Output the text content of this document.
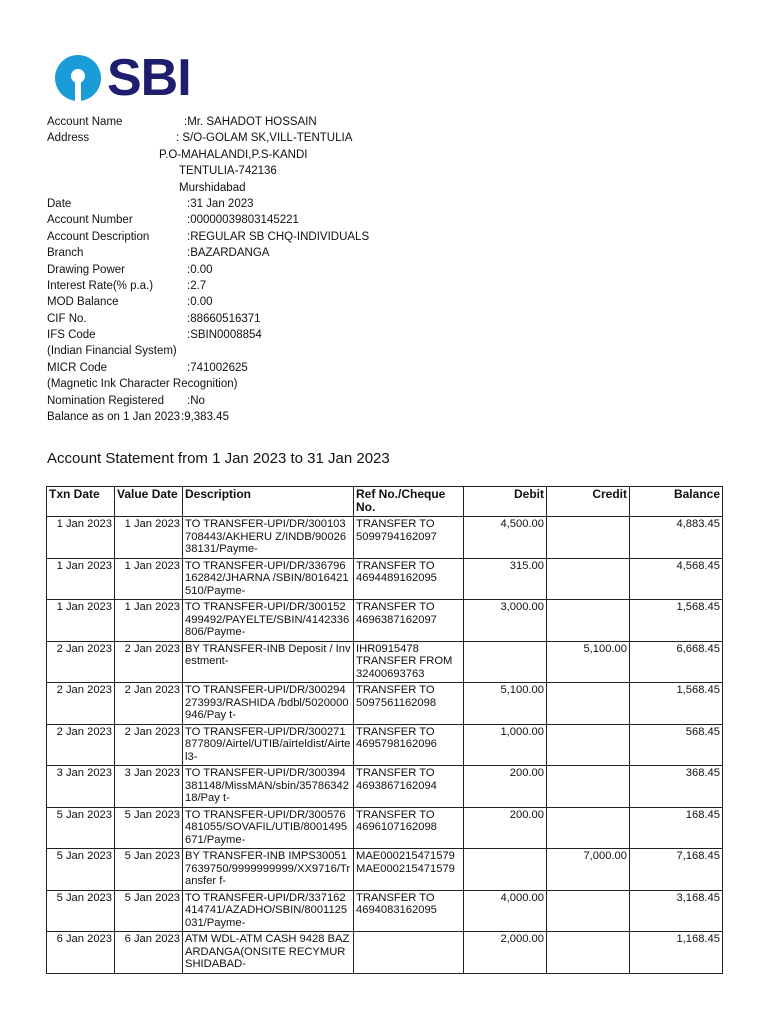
SBI
Account Name	:Mr. SAHADOT HOSSAIN
Address	: S/O-GOLAM SK,VILL-TENTULIA
P.O-MAHALANDI,P.S-KANDI
TENTULIA-742136
Murshidabad
Date	:31 Jan 2023
Account Number	:00000039803145221
Account Description	:REGULAR SB CHQ-INDIVIDUALS
Branch	:BAZARDANGA
Drawing Power	:0.00
Interest Rate(% p.a.)	:2.7
MOD Balance	:0.00
CIF No.	:88660516371
IFS Code	:SBIN0008854
(Indian Financial System)
MICR Code	:741002625
(Magnetic Ink Character Recognition)
Nomination Registered :No
Balance as on 1 Jan 2023 :9,383.45
Account Statement from 1 Jan 2023 to 31 Jan 2023
Txn Date	Value Date	Description	Ref No./Cheque No.	Debit	Credit	Balance
1 Jan 2023	1 Jan 2023	TO TRANSFER-UPI/DR/300103708443/AKHERU Z/INDB/9002638131/Payme-	TRANSFER TO 5099794162097	4,500.00		4,883.45
1 Jan 2023	1 Jan 2023	TO TRANSFER-UPI/DR/336796162842/JHARNA /SBIN/8016421510/Payme-	TRANSFER TO 4694489162095	315.00		4,568.45
1 Jan 2023	1 Jan 2023	TO TRANSFER-UPI/DR/300152499492/PAYELTE/SBIN/4142336806/Payme-	TRANSFER TO 4696387162097	3,000.00		1,568.45
2 Jan 2023	2 Jan 2023	BY TRANSFER-INB Deposit / Investment-	IHR0915478 TRANSFER FROM 32400693763		5,100.00	6,668.45
2 Jan 2023	2 Jan 2023	TO TRANSFER-UPI/DR/300294273993/RASHIDA /bdbl/5020000946/Pay t-	TRANSFER TO 5097561162098	5,100.00		1,568.45
2 Jan 2023	2 Jan 2023	TO TRANSFER-UPI/DR/300271877809/Airtel/UTIB/airteldist/Airtel3-	TRANSFER TO 4695798162096	1,000.00		568.45
3 Jan 2023	3 Jan 2023	TO TRANSFER-UPI/DR/300394381148/MissMAN/sbin/3578634218/Pay t-	TRANSFER TO 4693867162094	200.00		368.45
5 Jan 2023	5 Jan 2023	TO TRANSFER-UPI/DR/300576481055/SOVAFIL/UTIB/8001495671/Payme-	TRANSFER TO 4696107162098	200.00		168.45
5 Jan 2023	5 Jan 2023	BY TRANSFER-INB IMPS300517639750/9999999999/XX9716/Transfer f-	MAE000215471579 MAE000215471579		7,000.00	7,168.45
5 Jan 2023	5 Jan 2023	TO TRANSFER-UPI/DR/337162414741/AZADHO/SBIN/8001125031/Payme-	TRANSFER TO 4694083162095	4,000.00		3,168.45
6 Jan 2023	6 Jan 2023	ATM WDL-ATM CASH 9428 BAZARDANGA(ONSITE RECYMURSHIDABAD-		2,000.00		1,168.45
